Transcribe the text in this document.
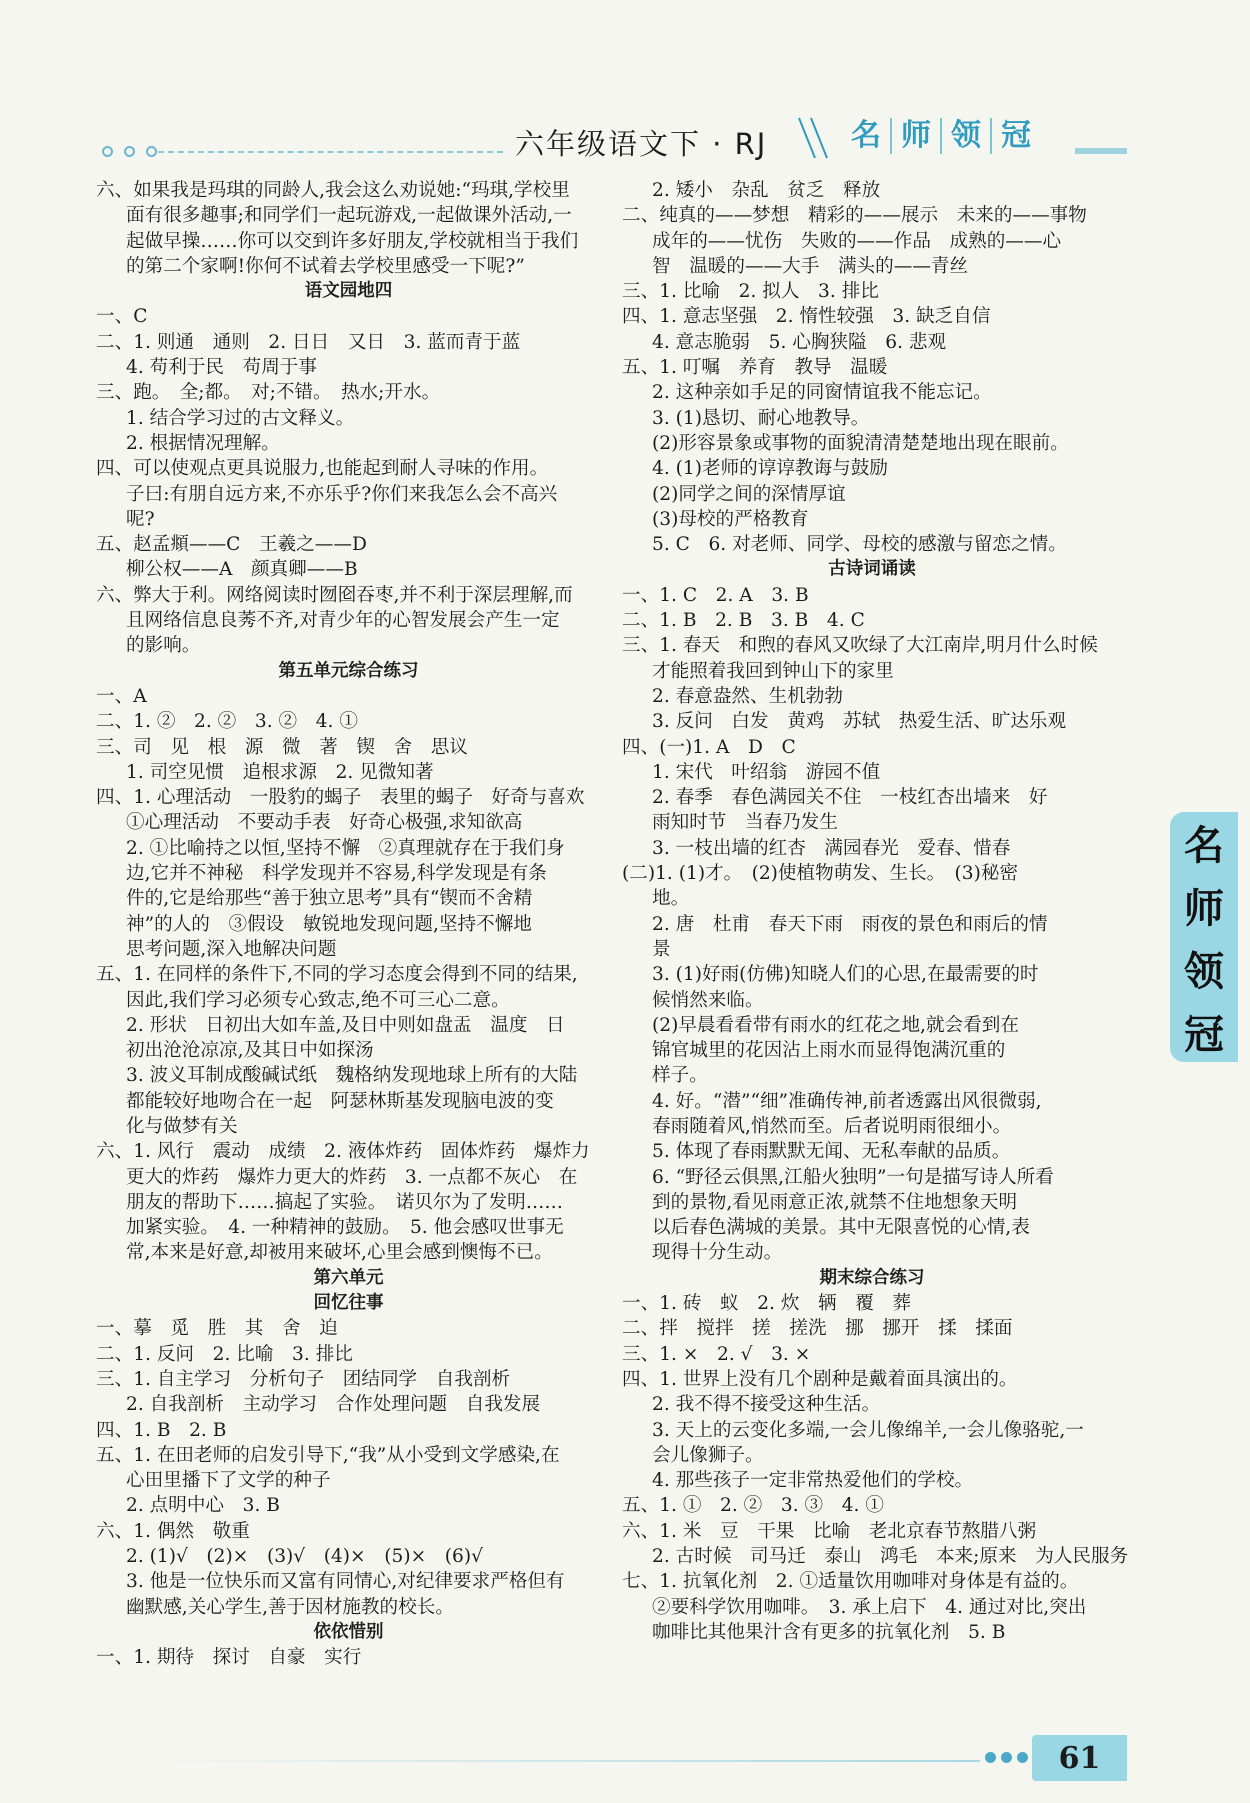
六年级语文下 · RJ	名 师 领 冠

六、如果我是玛琪的同龄人,我会这么劝说她:“玛琪,学校里

面有很多趣事;和同学们一起玩游戏,一起做课外活动,一

起做早操……你可以交到许多好朋友,学校就相当于我们

的第二个家啊!你何不试着去学校里感受一下呢?”

语文园地四

一、C

二、1. 则通　通则　2. 日日　又日　3. 蓝而青于蓝

4. 苟利于民　苟周于事

三、跑。　全;都。　对;不错。　热水;开水。

1. 结合学习过的古文释义。

2. 根据情况理解。

四、可以使观点更具说服力,也能起到耐人寻味的作用。

子曰:有朋自远方来,不亦乐乎?你们来我怎么会不高兴

呢?

五、赵孟頫——C　王羲之——D

柳公权——A　颜真卿——B

六、弊大于利。网络阅读时囫囵吞枣,并不利于深层理解,而

且网络信息良莠不齐,对青少年的心智发展会产生一定

的影响。

第五单元综合练习

一、A

二、1. ②　2. ②　3. ②　4. ①

三、司　见　根　源　微　著　锲　舍　思议

1. 司空见惯　追根求源　2. 见微知著

四、1. 心理活动　一股豹的蝎子　表里的蝎子　好奇与喜欢

①心理活动　不要动手表　好奇心极强,求知欲高

2. ①比喻持之以恒,坚持不懈　②真理就存在于我们身

边,它并不神秘　科学发现并不容易,科学发现是有条

件的,它是给那些“善于独立思考”具有“锲而不舍精

神”的人的　③假设　敏锐地发现问题,坚持不懈地

思考问题,深入地解决问题

五、1. 在同样的条件下,不同的学习态度会得到不同的结果,

因此,我们学习必须专心致志,绝不可三心二意。

2. 形状　日初出大如车盖,及日中则如盘盂　温度　日

初出沧沧凉凉,及其日中如探汤

3. 波义耳制成酸碱试纸　魏格纳发现地球上所有的大陆

都能较好地吻合在一起　阿瑟林斯基发现脑电波的变

化与做梦有关

六、1. 风行　震动　成绩　2. 液体炸药　固体炸药　爆炸力

更大的炸药　爆炸力更大的炸药　3. 一点都不灰心　在

朋友的帮助下……搞起了实验。　诺贝尔为了发明……

加紧实验。　4. 一种精神的鼓励。　5. 他会感叹世事无

常,本来是好意,却被用来破坏,心里会感到懊悔不已。

第六单元

回忆往事

一、摹　觅　胜　其　舍　迫

二、1. 反问　2. 比喻　3. 排比

三、1. 自主学习　分析句子　团结同学　自我剖析

2. 自我剖析　主动学习　合作处理问题　自我发展

四、1. B　2. B

五、1. 在田老师的启发引导下,“我”从小受到文学感染,在

心田里播下了文学的种子

2. 点明中心　3. B

六、1. 偶然　敬重

2. (1)√　(2)×　(3)√　(4)×　(5)×　(6)√

3. 他是一位快乐而又富有同情心,对纪律要求严格但有

幽默感,关心学生,善于因材施教的校长。

依依惜别

一、1. 期待　探讨　自豪　实行

2. 矮小　杂乱　贫乏　释放

二、纯真的——梦想　精彩的——展示　未来的——事物

成年的——忧伤　失败的——作品　成熟的——心

智　温暖的——大手　满头的——青丝

三、1. 比喻　2. 拟人　3. 排比

四、1. 意志坚强　2. 惰性较强　3. 缺乏自信

4. 意志脆弱　5. 心胸狭隘　6. 悲观

五、1. 叮嘱　养育　教导　温暖

2. 这种亲如手足的同窗情谊我不能忘记。

3. (1)恳切、耐心地教导。

(2)形容景象或事物的面貌清清楚楚地出现在眼前。

4. (1)老师的谆谆教诲与鼓励

(2)同学之间的深情厚谊

(3)母校的严格教育

5. C　6. 对老师、同学、母校的感激与留恋之情。

古诗词诵读

一、1. C　2. A　3. B

二、1. B　2. B　3. B　4. C

三、1. 春天　和煦的春风又吹绿了大江南岸,明月什么时候

才能照着我回到钟山下的家里

2. 春意盎然、生机勃勃

3. 反问　白发　黄鸡　苏轼　热爱生活、旷达乐观

四、(一)1. A　D　C

1. 宋代　叶绍翁　游园不值

2. 春季　春色满园关不住　一枝红杏出墙来　好

雨知时节　当春乃发生

3. 一枝出墙的红杏　满园春光　爱春、惜春

(二)1. (1)才。　(2)使植物萌发、生长。　(3)秘密

地。

2. 唐　杜甫　春天下雨　雨夜的景色和雨后的情

景

3. (1)好雨(仿佛)知晓人们的心思,在最需要的时

候悄然来临。

(2)早晨看看带有雨水的红花之地,就会看到在

锦官城里的花因沾上雨水而显得饱满沉重的

样子。

4. 好。“潜”“细”准确传神,前者透露出风很微弱,

春雨随着风,悄然而至。后者说明雨很细小。

5. 体现了春雨默默无闻、无私奉献的品质。

6. “野径云俱黑,江船火独明”一句是描写诗人所看

到的景物,看见雨意正浓,就禁不住地想象天明

以后春色满城的美景。其中无限喜悦的心情,表

现得十分生动。

期末综合练习

一、1. 砖　蚁　2. 炊　辆　覆　葬

二、拌　搅拌　搓　搓洗　挪　挪开　揉　揉面

三、1. ×　2. √　3. ×

四、1. 世界上没有几个剧种是戴着面具演出的。

2. 我不得不接受这种生活。

3. 天上的云变化多端,一会儿像绵羊,一会儿像骆驼,一

会儿像狮子。

4. 那些孩子一定非常热爱他们的学校。

五、1. ①　2. ②　3. ③　4. ①

六、1. 米　豆　干果　比喻　老北京春节熬腊八粥

2. 古时候　司马迁　泰山　鸿毛　本来;原来　为人民服务

七、1. 抗氧化剂　2. ①适量饮用咖啡对身体是有益的。

②要科学饮用咖啡。　3. 承上启下　4. 通过对比,突出

咖啡比其他果汁含有更多的抗氧化剂　5. B

名
师
领
冠
61
